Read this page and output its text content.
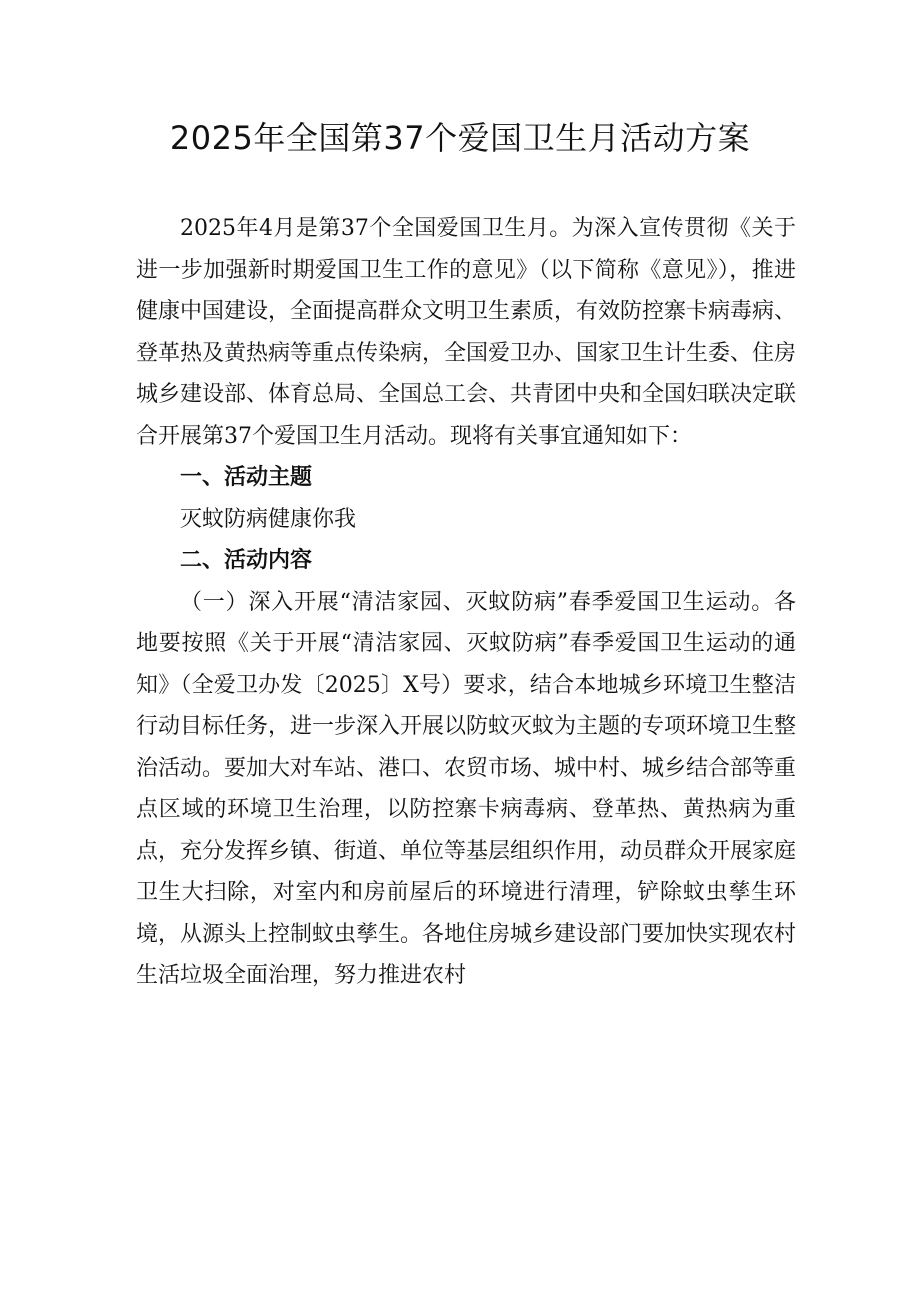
2025年全国第37个爱国卫生月活动方案

2025年4月是第37个全国爱国卫生月。为深入宣传贯彻《关于进一步加强新时期爱国卫生工作的意见》（以下简称《意见》），推进健康中国建设，全面提高群众文明卫生素质，有效防控寨卡病毒病、登革热及黄热病等重点传染病，全国爱卫办、国家卫生计生委、住房城乡建设部、体育总局、全国总工会、共青团中央和全国妇联决定联合开展第37个爱国卫生月活动。现将有关事宜通知如下：

一、活动主题

灭蚊防病健康你我

二、活动内容

（一）深入开展“清洁家园、灭蚊防病”春季爱国卫生运动。各地要按照《关于开展“清洁家园、灭蚊防病”春季爱国卫生运动的通知》（全爱卫办发〔2025〕X号）要求，结合本地城乡环境卫生整洁行动目标任务，进一步深入开展以防蚊灭蚊为主题的专项环境卫生整治活动。要加大对车站、港口、农贸市场、城中村、城乡结合部等重点区域的环境卫生治理，以防控寨卡病毒病、登革热、黄热病为重点，充分发挥乡镇、街道、单位等基层组织作用，动员群众开展家庭卫生大扫除，对室内和房前屋后的环境进行清理，铲除蚊虫孳生环境，从源头上控制蚊虫孳生。各地住房城乡建设部门要加快实现农村生活垃圾全面治理，努力推进农村
